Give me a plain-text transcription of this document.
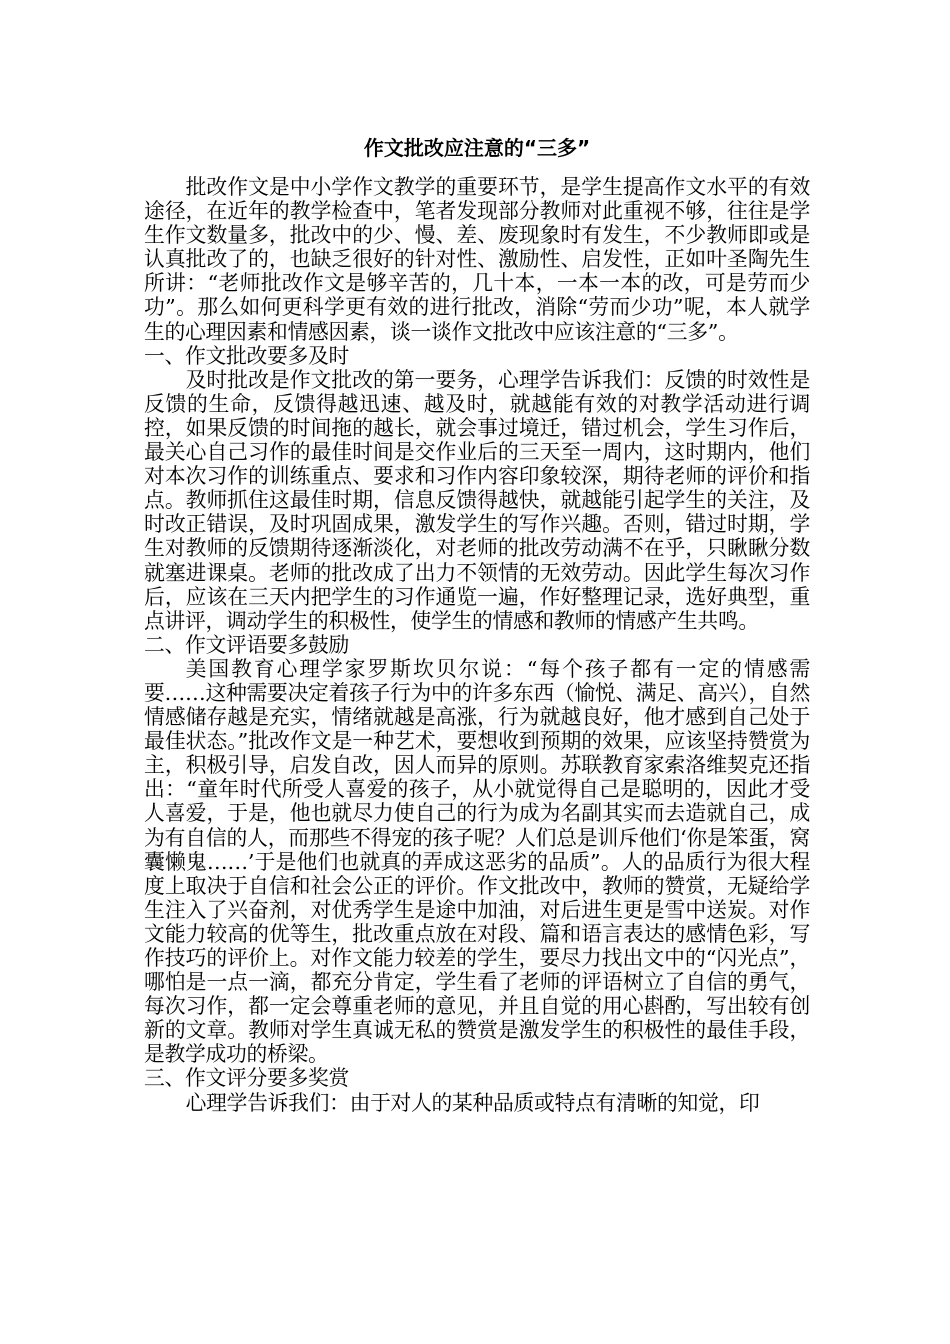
作文批改应注意的“三多”

批改作文是中小学作文教学的重要环节，是学生提高作文水平的有效途径，在近年的教学检查中，笔者发现部分教师对此重视不够，往往是学生作文数量多，批改中的少、慢、差、废现象时有发生，不少教师即或是认真批改了的，也缺乏很好的针对性、激励性、启发性，正如叶圣陶先生所讲：“老师批改作文是够辛苦的，几十本，一本一本的改，可是劳而少功”。那么如何更科学更有效的进行批改，消除“劳而少功”呢，本人就学生的心理因素和情感因素，谈一谈作文批改中应该注意的“三多”。

一、作文批改要多及时

及时批改是作文批改的第一要务，心理学告诉我们：反馈的时效性是反馈的生命，反馈得越迅速、越及时，就越能有效的对教学活动进行调控，如果反馈的时间拖的越长，就会事过境迁，错过机会，学生习作后，最关心自己习作的最佳时间是交作业后的三天至一周内，这时期内，他们对本次习作的训练重点、要求和习作内容印象较深，期待老师的评价和指点。教师抓住这最佳时期，信息反馈得越快，就越能引起学生的关注，及时改正错误，及时巩固成果，激发学生的写作兴趣。否则，错过时期，学生对教师的反馈期待逐渐淡化，对老师的批改劳动满不在乎，只瞅瞅分数就塞进课桌。老师的批改成了出力不领情的无效劳动。因此学生每次习作后，应该在三天内把学生的习作通览一遍，作好整理记录，选好典型，重点讲评，调动学生的积极性，使学生的情感和教师的情感产生共鸣。

二、作文评语要多鼓励

美国教育心理学家罗斯坎贝尔说：“每个孩子都有一定的情感需要……这种需要决定着孩子行为中的许多东西（愉悦、满足、高兴），自然情感储存越是充实，情绪就越是高涨，行为就越良好，他才感到自己处于最佳状态。”批改作文是一种艺术，要想收到预期的效果，应该坚持赞赏为主，积极引导，启发自改，因人而异的原则。苏联教育家索洛维契克还指出：“童年时代所受人喜爱的孩子，从小就觉得自己是聪明的，因此才受人喜爱，于是，他也就尽力使自己的行为成为名副其实而去造就自己，成为有自信的人，而那些不得宠的孩子呢？人们总是训斥他们‘你是笨蛋，窝囊懒鬼……’于是他们也就真的弄成这恶劣的品质”。人的品质行为很大程度上取决于自信和社会公正的评价。作文批改中，教师的赞赏，无疑给学生注入了兴奋剂，对优秀学生是途中加油，对后进生更是雪中送炭。对作文能力较高的优等生，批改重点放在对段、篇和语言表达的感情色彩，写作技巧的评价上。对作文能力较差的学生，要尽力找出文中的“闪光点”，哪怕是一点一滴，都充分肯定，学生看了老师的评语树立了自信的勇气，每次习作，都一定会尊重老师的意见，并且自觉的用心斟酌，写出较有创新的文章。教师对学生真诚无私的赞赏是激发学生的积极性的最佳手段，是教学成功的桥梁。

三、作文评分要多奖赏

心理学告诉我们：由于对人的某种品质或特点有清晰的知觉，印
